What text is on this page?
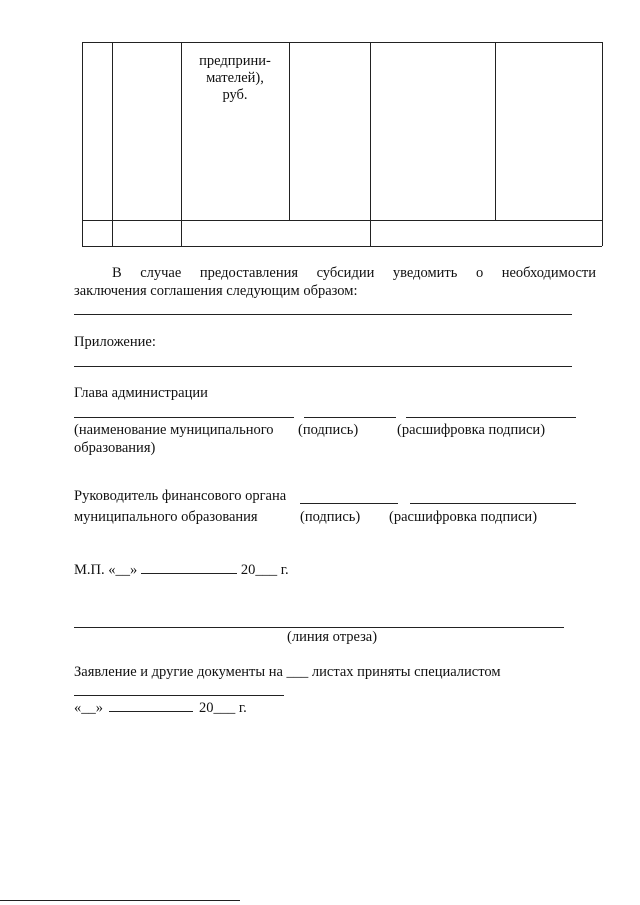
предприни-
мателей),
руб.
В случае предоставления субсидии уведомить о необходимости
заключения соглашения следующим образом:
Приложение:
Глава администрации
(наименование муниципального (подпись)	(расшифровка подписи)
образования)
Руководитель финансового органа
муниципального образования	(подпись) (расшифровка подписи)
М.П. «__»	20___ г.
(линия отреза)
Заявление и другие документы на ___ листах приняты специалистом
«__»	20___ г.
